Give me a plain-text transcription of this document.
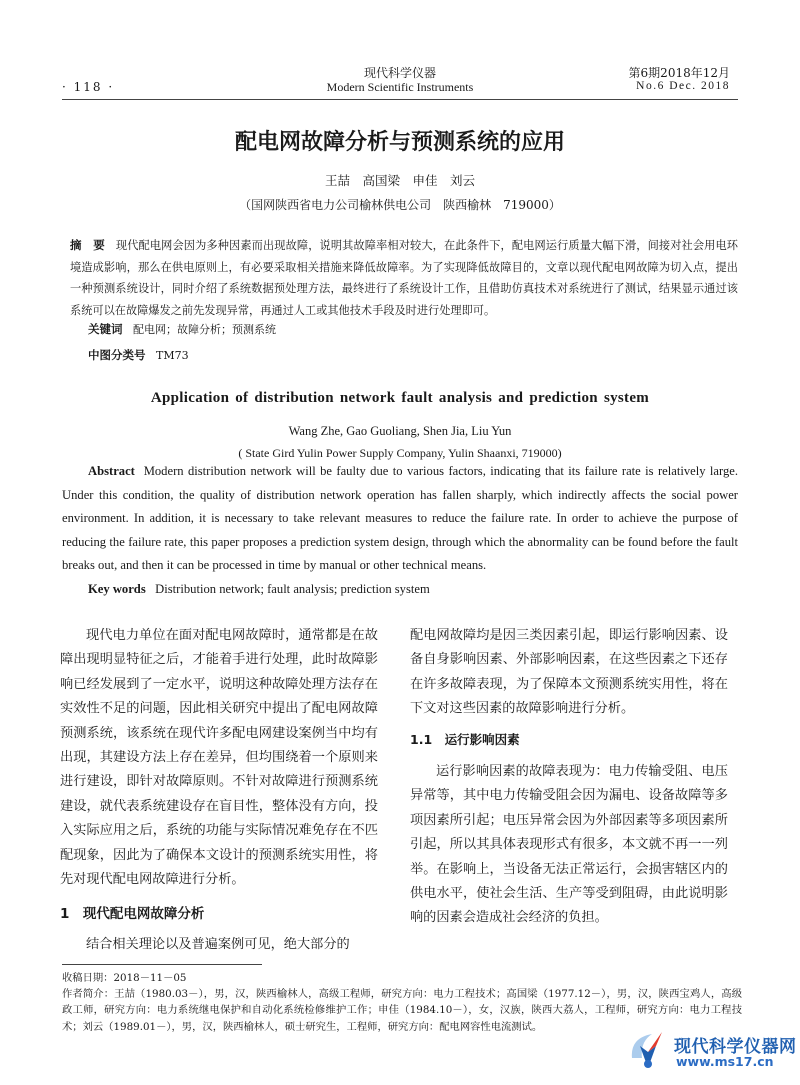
· 118 ·
现代科学仪器
Modern Scientific Instruments
第6期2018年12月
No.6 Dec. 2018
配电网故障分析与预测系统的应用
王喆　高国梁　申佳　刘云
（国网陕西省电力公司榆林供电公司　陕西榆林　719000）
摘　要 现代配电网会因为多种因素而出现故障，说明其故障率相对较大，在此条件下，配电网运行质量大幅下滑，间接对社会用电环境造成影响，那么在供电原则上，有必要采取相关措施来降低故障率。为了实现降低故障目的，文章以现代配电网故障为切入点，提出一种预测系统设计，同时介绍了系统数据预处理方法，最终进行了系统设计工作，且借助仿真技术对系统进行了测试，结果显示通过该系统可以在故障爆发之前先发现异常，再通过人工或其他技术手段及时进行处理即可。
关键词 配电网；故障分析；预测系统
中图分类号 TM73
Application of distribution network fault analysis and prediction system
Wang Zhe, Gao Guoliang, Shen Jia, Liu Yun
( State Gird Yulin Power Supply Company, Yulin Shaanxi, 719000)
Abstract Modern distribution network will be faulty due to various factors, indicating that its failure rate is relatively large. Under this condition, the quality of distribution network operation has fallen sharply, which indirectly affects the social power environment. In addition, it is necessary to take relevant measures to reduce the failure rate. In order to achieve the purpose of reducing the failure rate, this paper proposes a prediction system design, through which the abnormality can be found before the fault breaks out, and then it can be processed in time by manual or other technical means.
Key words Distribution network; fault analysis; prediction system

现代电力单位在面对配电网故障时，通常都是在故障出现明显特征之后，才能着手进行处理，此时故障影响已经发展到了一定水平，说明这种故障处理方法存在实效性不足的问题，因此相关研究中提出了配电网故障预测系统，该系统在现代许多配电网建设案例当中均有出现，其建设方法上存在差异，但均围绕着一个原则来进行建设，即针对故障原则。不针对故障进行预测系统建设，就代表系统建设存在盲目性，整体没有方向，投入实际应用之后，系统的功能与实际情况难免存在不匹配现象，因此为了确保本文设计的预测系统实用性，将先对现代配电网故障进行分析。

1　现代配电网故障分析

结合相关理论以及普遍案例可见，绝大部分的

配电网故障均是因三类因素引起，即运行影响因素、设备自身影响因素、外部影响因素，在这些因素之下还存在许多故障表现，为了保障本文预测系统实用性，将在下文对这些因素的故障影响进行分析。

1.1　运行影响因素

运行影响因素的故障表现为：电力传输受阻、电压异常等，其中电力传输受阻会因为漏电、设备故障等多项因素所引起；电压异常会因为外部因素等多项因素所引起，所以其具体表现形式有很多，本文就不再一一列举。在影响上，当设备无法正常运行，会损害辖区内的供电水平，使社会生活、生产等受到阻碍，由此说明影响的因素会造成社会经济的负担。

收稿日期：2018－11－05
作者简介：王喆（1980.03－），男，汉，陕西榆林人，高级工程师，研究方向：电力工程技术；高国梁（1977.12－），男，汉，陕西宝鸡人，高级政工师，研究方向：电力系统继电保护和自动化系统检修维护工作；申佳（1984.10－），女，汉族，陕西大荔人，工程师，研究方向：电力工程技术；刘云（1989.01－），男，汉，陕西榆林人，硕士研究生，工程师，研究方向：配电网容性电流测试。
现代科学仪器网
www.ms17.cn
